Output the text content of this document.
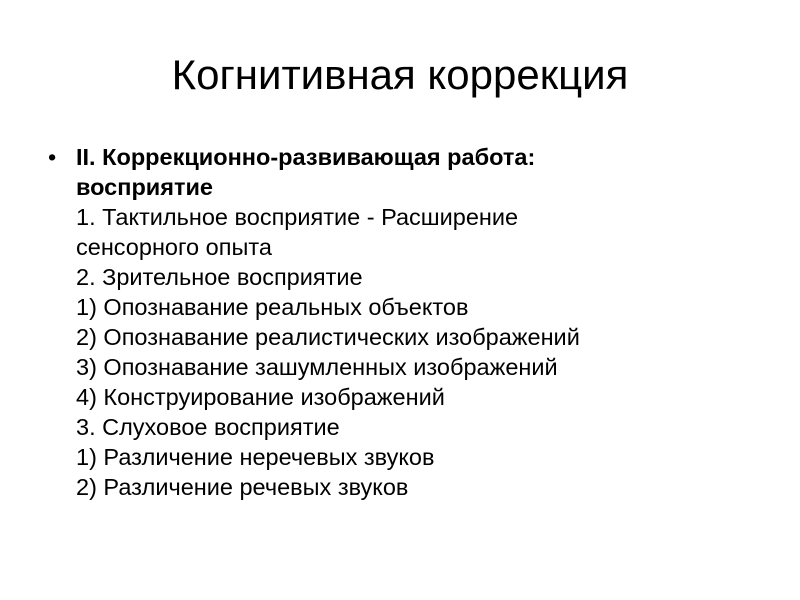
Когнитивная коррекция
• II. Коррекционно-развивающая работа:
восприятие
1. Тактильное восприятие - Расширение
сенсорного опыта
2. Зрительное восприятие
1) Опознавание реальных объектов
2) Опознавание реалистических изображений
3) Опознавание зашумленных изображений
4) Конструирование изображений
3. Слуховое восприятие
1) Различение неречевых звуков
2) Различение речевых звуков
